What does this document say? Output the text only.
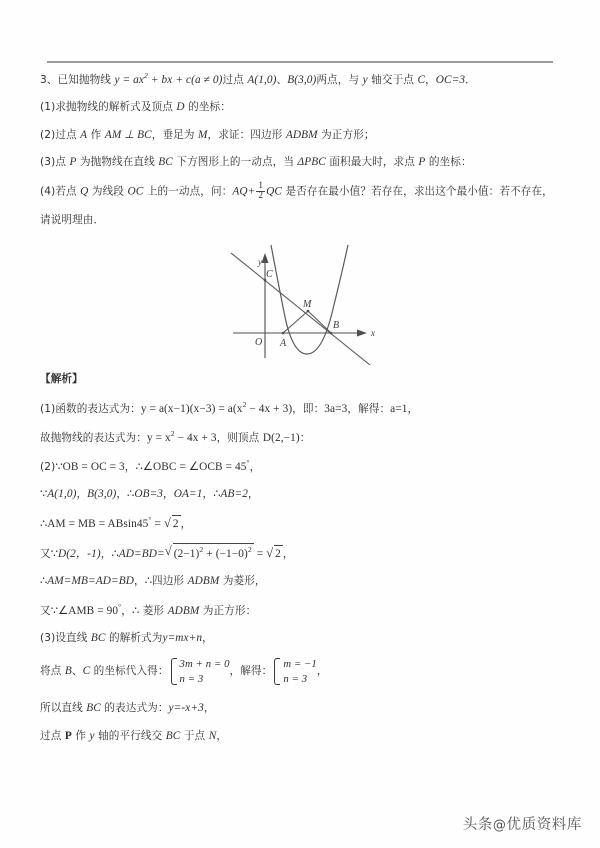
3、已知抛物线 $y = ax^2$ + bx + c(a ≠ 0)过点 A(1,0)、B(3,0)两点，与 y 轴交于点 C，OC=3．

(1)求抛物线的解析式及顶点 D 的坐标：

(2)过点 A 作 AM ⊥ BC，垂足为 M，求证：四边形 ADBM 为正方形；

(3)点 P 为抛物线在直线 BC 下方图形上的一动点，当 ΔPBC 面积最大时，求点 P 的坐标：

(4)若点 Q 为线段 OC 上的一动点，问：$AQ+ \frac{1}{2}$ QC 是否存在最小值？若存在，求出这个最小值：若不存在，

请说明理由．

【解析】

(1)函数的表达式为：$y = a(x-1)(x-3) = a(x^2 - 4x + 3)$，即：3a=3，解得：a=1，

故抛物线的表达式为：$y = x^2 - 4x + 3$，则顶点 D(2,−1)：

(2)∵OB = OC = 3，∴∠OBC = ∠OCB = 45°，

∵A(1,0)，B(3,0)，∴OB=3，OA=1，∴AB=2，

∴AM = MB = ABsin45° = √ 2 ，

又∵D(2，-1)，∴AD=BD= √ $(2-1)^2 + (-1-0)^2$ = √ 2 ，

∴AM=MB=AD=BD，∴四边形 ADBM 为菱形，

又∵∠AMB = 90°，∴ 菱形 ADBM 为正方形：

(3)设直线 BC 的解析式为y=mx+n，

将点 B、C 的坐标代入得：
3m + n = 0
n = 3
，解得：
m = −1
n = 3
，

所以直线 BC 的表达式为：y=-x+3，

过点 P 作 y 轴的平行线交 BC 于点 N，

C
M
B
O A
y
x
头条@优质资料库
